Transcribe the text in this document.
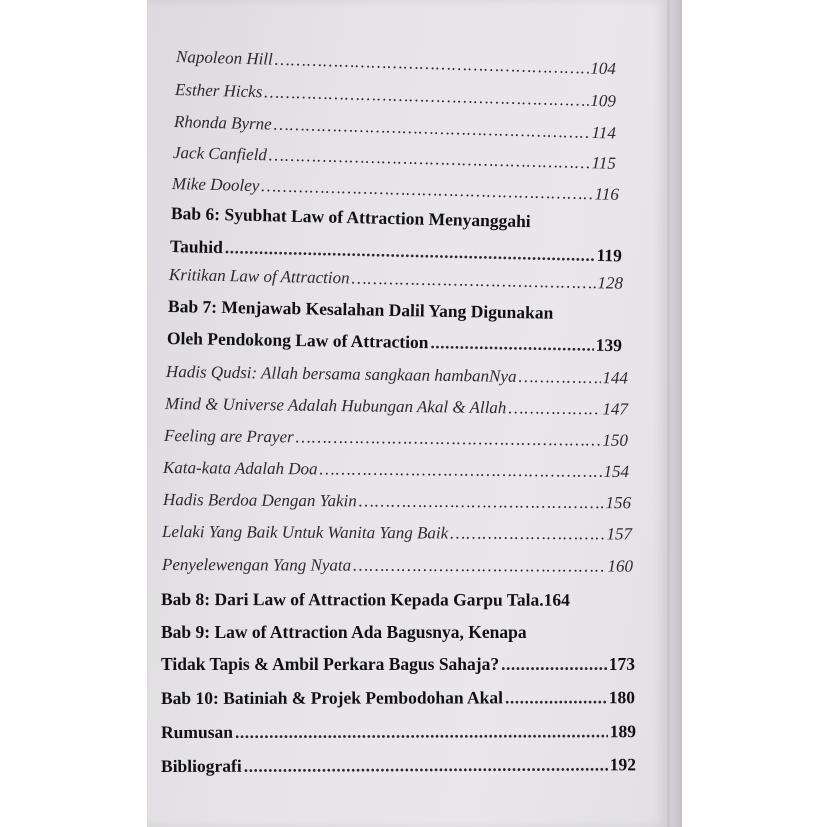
Napoleon Hill ……………………………………………………………………………………………………………………………………………………………………………	104
Esther Hicks ……………………………………………………………………………………………………………………………………………………………………………	109
Rhonda Byrne ……………………………………………………………………………………………………………………………………………………………………………	114
Jack Canfield ……………………………………………………………………………………………………………………………………………………………………………	115
Mike Dooley ……………………………………………………………………………………………………………………………………………………………………………	116
Bab 6: Syubhat Law of Attraction Menyanggahi
Tauhid .....	119
Kritikan Law of Attraction ……………………………………………………………………………………………………………………………………………………………………………	128
Bab 7: Menjawab Kesalahan Dalil Yang Digunakan
Oleh Pendokong Law of Attraction .....	139
Hadis Qudsi: Allah bersama sangkaan hambanNya ……………………………………………………………………………………………………………………………………………………………………………	144
Mind & Universe Adalah Hubungan Akal & Allah ……………………………………………………………………………………………………………………………………………………………………………	147
Feeling are Prayer ……………………………………………………………………………………………………………………………………………………………………………	150
Kata-kata Adalah Doa ……………………………………………………………………………………………………………………………………………………………………………	154
Hadis Berdoa Dengan Yakin ……………………………………………………………………………………………………………………………………………………………………………	156
Lelaki Yang Baik Untuk Wanita Yang Baik ……………………………………………………………………………………………………………………………………………………………………………	157
Penyelewengan Yang Nyata ……………………………………………………………………………………………………………………………………………………………………………	160
Bab 8: Dari Law of Attraction Kepada Garpu Tala. 164
Bab 9: Law of Attraction Ada Bagusnya, Kenapa
Tidak Tapis & Ambil Perkara Bagus Sahaja? .....	173
Bab 10: Batiniah & Projek Pembodohan Akal .....	180
Rumusan .....	189
Bibliografi .....	192
